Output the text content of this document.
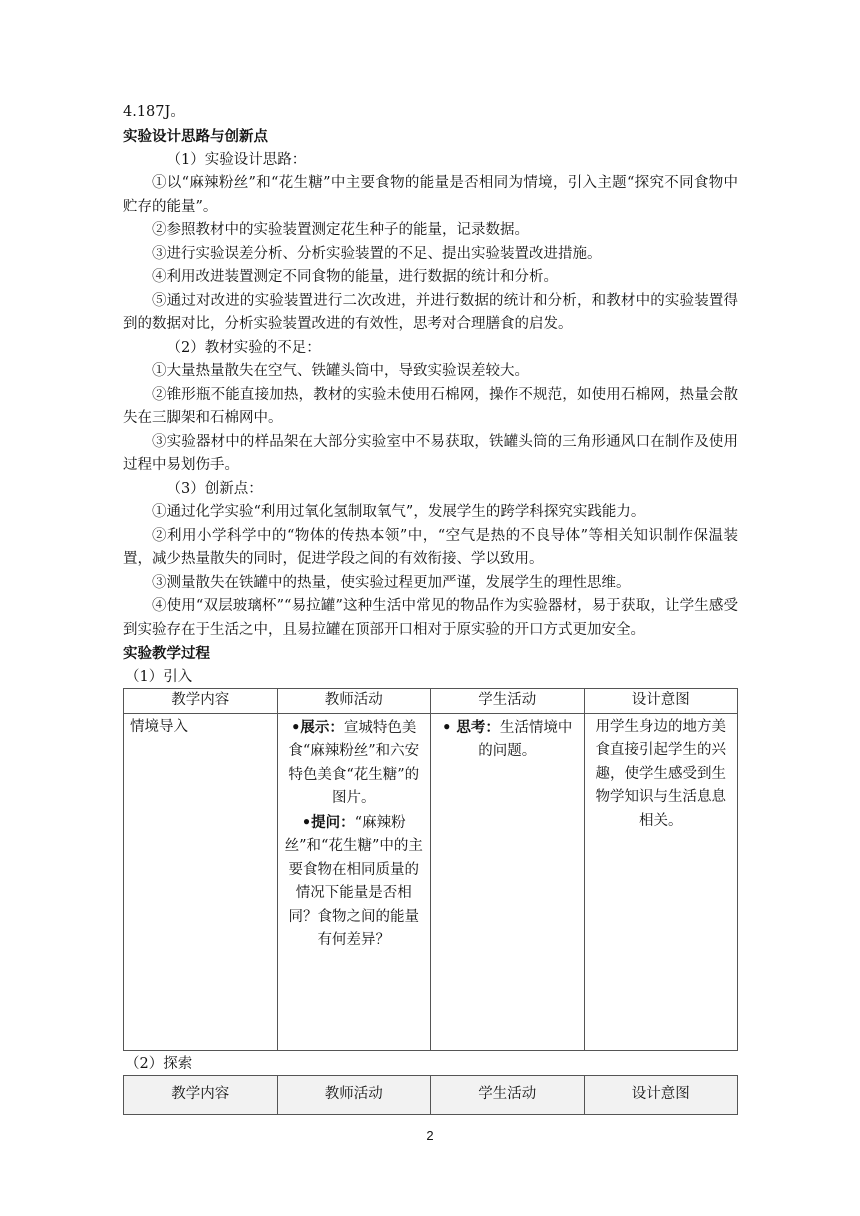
4.187J。
实验设计思路与创新点
（1）实验设计思路：
①以“麻辣粉丝”和“花生糖”中主要食物的能量是否相同为情境，引入主题“探究不同食物中贮存的能量”。
②参照教材中的实验装置测定花生种子的能量，记录数据。
③进行实验误差分析、分析实验装置的不足、提出实验装置改进措施。
④利用改进装置测定不同食物的能量，进行数据的统计和分析。
⑤通过对改进的实验装置进行二次改进，并进行数据的统计和分析，和教材中的实验装置得到的数据对比，分析实验装置改进的有效性，思考对合理膳食的启发。
（2）教材实验的不足：
①大量热量散失在空气、铁罐头筒中，导致实验误差较大。
②锥形瓶不能直接加热，教材的实验未使用石棉网，操作不规范，如使用石棉网，热量会散失在三脚架和石棉网中。
③实验器材中的样品架在大部分实验室中不易获取，铁罐头筒的三角形通风口在制作及使用过程中易划伤手。
（3）创新点：
①通过化学实验“利用过氧化氢制取氧气”，发展学生的跨学科探究实践能力。
②利用小学科学中的“物体的传热本领”中，“空气是热的不良导体”等相关知识制作保温装置，减少热量散失的同时，促进学段之间的有效衔接、学以致用。
③测量散失在铁罐中的热量，使实验过程更加严谨，发展学生的理性思维。
④使用“双层玻璃杯”“易拉罐”这种生活中常见的物品作为实验器材，易于获取，让学生感受到实验存在于生活之中，且易拉罐在顶部开口相对于原实验的开口方式更加安全。
实验教学过程
（1）引入
教学内容	教师活动	学生活动	设计意图
情境导入	•展示：宣城特色美食“麻辣粉丝”和六安特色美食“花生糖”的图片。
•提问：“麻辣粉丝”和“花生糖”中的主要食物在相同质量的情况下能量是否相同？食物之间的能量有何差异？	• 思考：生活情境中的问题。	用学生身边的地方美食直接引起学生的兴趣，使学生感受到生物学知识与生活息息相关。
（2）探索
教学内容	教师活动	学生活动	设计意图
2
